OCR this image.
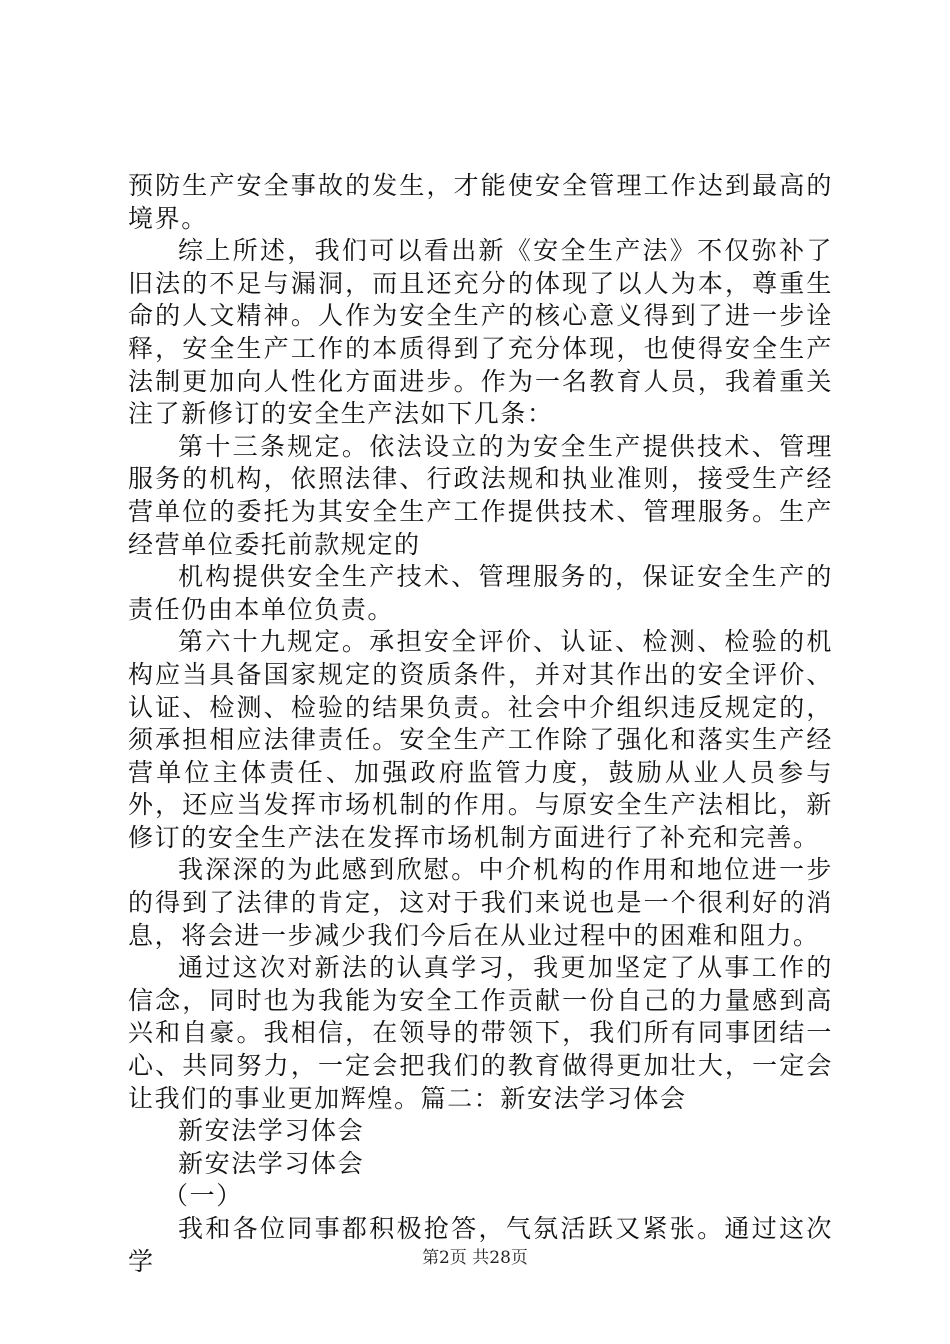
预防生产安全事故的发生，才能使安全管理工作达到最高的境界。

综上所述，我们可以看出新《安全生产法》不仅弥补了旧法的不足与漏洞，而且还充分的体现了以人为本，尊重生命的人文精神。人作为安全生产的核心意义得到了进一步诠释，安全生产工作的本质得到了充分体现，也使得安全生产法制更加向人性化方面进步。作为一名教育人员，我着重关注了新修订的安全生产法如下几条：

第十三条规定。依法设立的为安全生产提供技术、管理服务的机构，依照法律、行政法规和执业准则，接受生产经营单位的委托为其安全生产工作提供技术、管理服务。生产经营单位委托前款规定的

机构提供安全生产技术、管理服务的，保证安全生产的责任仍由本单位负责。

第六十九规定。承担安全评价、认证、检测、检验的机构应当具备国家规定的资质条件，并对其作出的安全评价、认证、检测、检验的结果负责。社会中介组织违反规定的，须承担相应法律责任。安全生产工作除了强化和落实生产经营单位主体责任、加强政府监管力度，鼓励从业人员参与外，还应当发挥市场机制的作用。与原安全生产法相比，新修订的安全生产法在发挥市场机制方面进行了补充和完善。

我深深的为此感到欣慰。中介机构的作用和地位进一步的得到了法律的肯定，这对于我们来说也是一个很利好的消息，将会进一步减少我们今后在从业过程中的困难和阻力。

通过这次对新法的认真学习，我更加坚定了从事工作的信念，同时也为我能为安全工作贡献一份自己的力量感到高兴和自豪。我相信，在领导的带领下，我们所有同事团结一心、共同努力，一定会把我们的教育做得更加壮大，一定会让我们的事业更加辉煌。篇二：新安法学习体会

新安法学习体会

新安法学习体会

（一）

我和各位同事都积极抢答，气氛活跃又紧张。通过这次学	第2页 共28页
